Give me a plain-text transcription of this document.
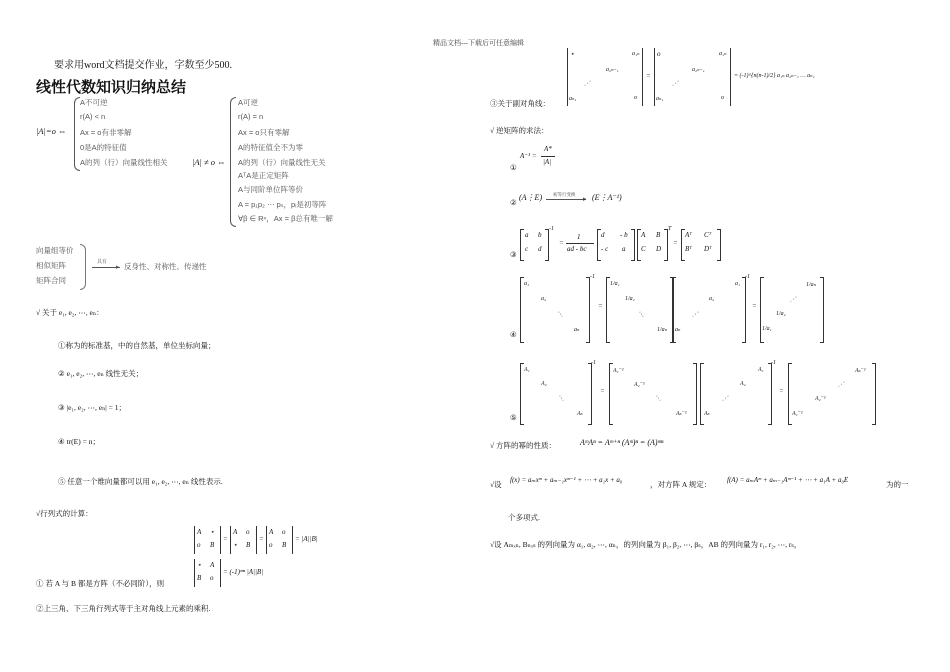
精品文档---下载后可任意编辑
要求用word文档提交作业，字数至少500.
线性代数知识归纳总结
|A|=o ⇔
A不可逆
r(A) < n
Ax = o有非零解
0是A的特征值
A的列（行）向量线性相关	|A| ≠ o ⇔
A可逆
r(A) = n
Ax = o只有零解
A的特征值全不为零
A的列（行）向量线性无关
AᵀA是正定矩阵
A与同阶单位阵等价
A = p₁p₂ ⋯ pₛ，pᵢ是初等阵
∀β ∈ Rⁿ，Ax = β总有唯一解
向量组等价
相似矩阵
矩阵合同
▸
具有 反身性、对称性、传递性
√ 关于 e₁, e₂, ⋯, eₙ：
①称为的标准基，中的自然基，单位坐标向量；
② e₁, e₂, ⋯, eₙ 线性无关；
③ |e₁, e₂, ⋯, eₙ| = 1；
④ tr(E) = n；
⑤ 任意一个维向量都可以用 e₁, e₂, ⋯, eₙ 线性表示.
√行列式的计算：
A ⋆
o B
=
A o
⋆ B
=
A o
o B
= |A||B|
⋆ A
B o
= (-1)ᵐⁿ |A||B|
① 若 A 与 B 都是方阵（不必同阶），则
②上三角、下三角行列式等于主对角线上元素的乘积.
⋆	a₁ₙ
a₂ₙ₋₁
⋰
aₙ₁	o
=
o	a₁ₙ
a₂ₙ₋₁
⋰
aₙ₁	o
= (-1)^{n(n-1)/2} a₁ₙ a₂ₙ₋₁ … aₙ₁
③关于副对角线：
√ 逆矩阵的求法：
①
A⁻¹ =
A*
|A|
②
(A⋮E)	▸
初等行变换 (E⋮A⁻¹)
③
a b
c d
-1
=
1
ad - bc
d - b
- c a
A B
C D
T
=
Aᵀ Cᵀ
Bᵀ Dᵀ
④
a₁
a₂
⋱
aₙ
-1
=
1/a₁
1/a₂
⋱
1/aₙ
a₁
a₂
⋰
aₙ
-1
=
1/aₙ
⋰
1/a₂
1/a₁
⑤
A₁
A₂
⋱
Aₛ
-1
=
A₁⁻¹
A₂⁻¹
⋱
Aₛ⁻¹
A₁
A₂
⋰
Aₛ
-1
=
Aₛ⁻¹
⋰
A₂⁻¹
A₁⁻¹
√ 方阵的幂的性质：	AᵐAⁿ = Aᵐ⁺ⁿ (Aᵐ)ⁿ = (A)ᵐⁿ
√设 f(x) = aₘxᵐ + aₘ₋₁xᵐ⁻¹ + ⋯ + a₁x + a₀	，对方阵 A 规定： f(A) = aₘAᵐ + aₘ₋₁Aᵐ⁻¹ + ⋯ + a₁A + a₀E	为的一
个多项式.
√设 Aₘₓₙ, Bₙₓₛ 的列向量为 α₁, α₂, ⋯, αₙ，的列向量为 β₁, β₂, ⋯, βₛ，AB 的列向量为 r₁, r₂, ⋯, rₛ，
